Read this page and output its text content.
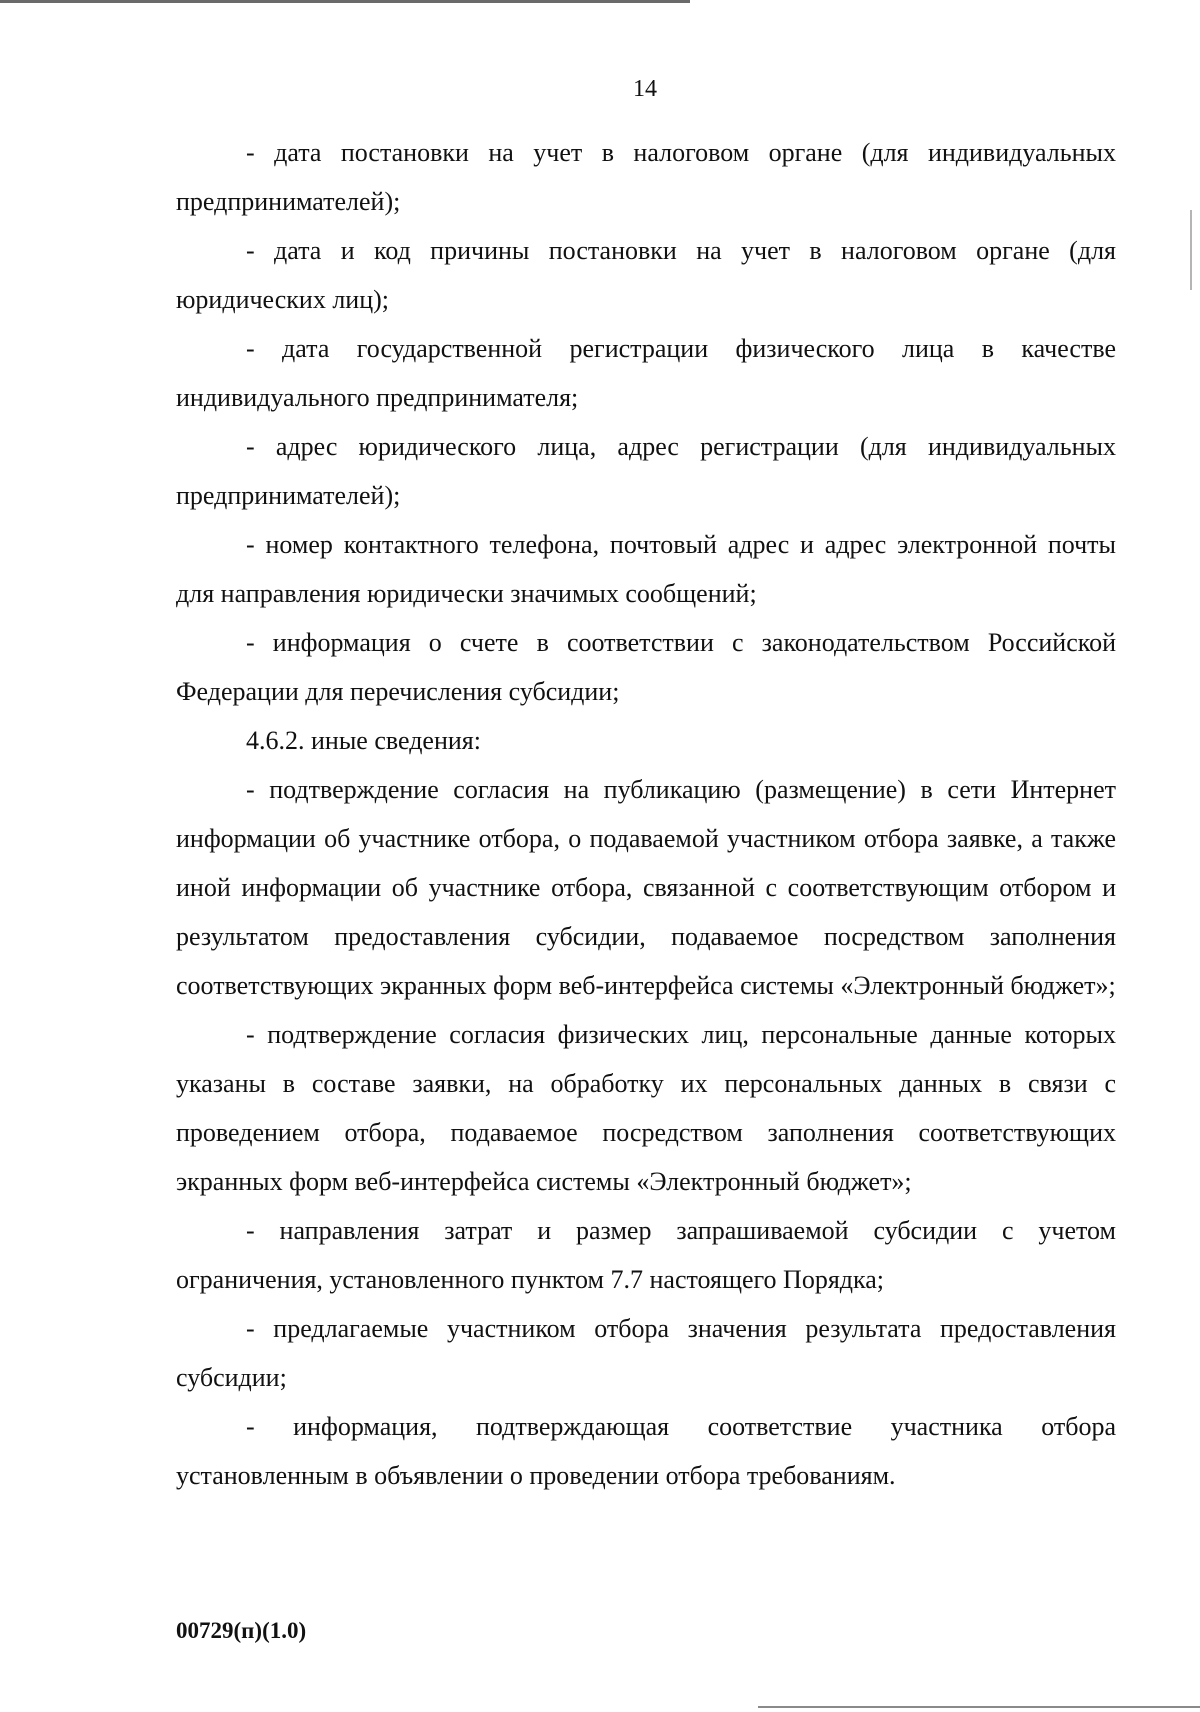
14

- дата постановки на учет в налоговом органе (для индивидуальных предпринимателей);

- дата и код причины постановки на учет в налоговом органе (для юридических лиц);

- дата государственной регистрации физического лица в качестве индивидуального предпринимателя;

- адрес юридического лица, адрес регистрации (для индивидуальных предпринимателей);

- номер контактного телефона, почтовый адрес и адрес электронной почты для направления юридически значимых сообщений;

- информация о счете в соответствии с законодательством Российской Федерации для перечисления субсидии;

4.6.2. иные сведения:

- подтверждение согласия на публикацию (размещение) в сети Интернет информации об участнике отбора, о подаваемой участником отбора заявке, а также иной информации об участнике отбора, связанной с соответствующим отбором и результатом предоставления субсидии, подаваемое посредством заполнения соответствующих экранных форм веб-интерфейса системы «Электронный бюджет»;

- подтверждение согласия физических лиц, персональные данные которых указаны в составе заявки, на обработку их персональных данных в связи с проведением отбора, подаваемое посредством заполнения соответствующих экранных форм веб-интерфейса системы «Электронный бюджет»;

- направления затрат и размер запрашиваемой субсидии с учетом ограничения, установленного пунктом 7.7 настоящего Порядка;

- предлагаемые участником отбора значения результата предоставления субсидии;

- информация, подтверждающая соответствие участника отбора установленным в объявлении о проведении отбора требованиям.

00729(п)(1.0)
